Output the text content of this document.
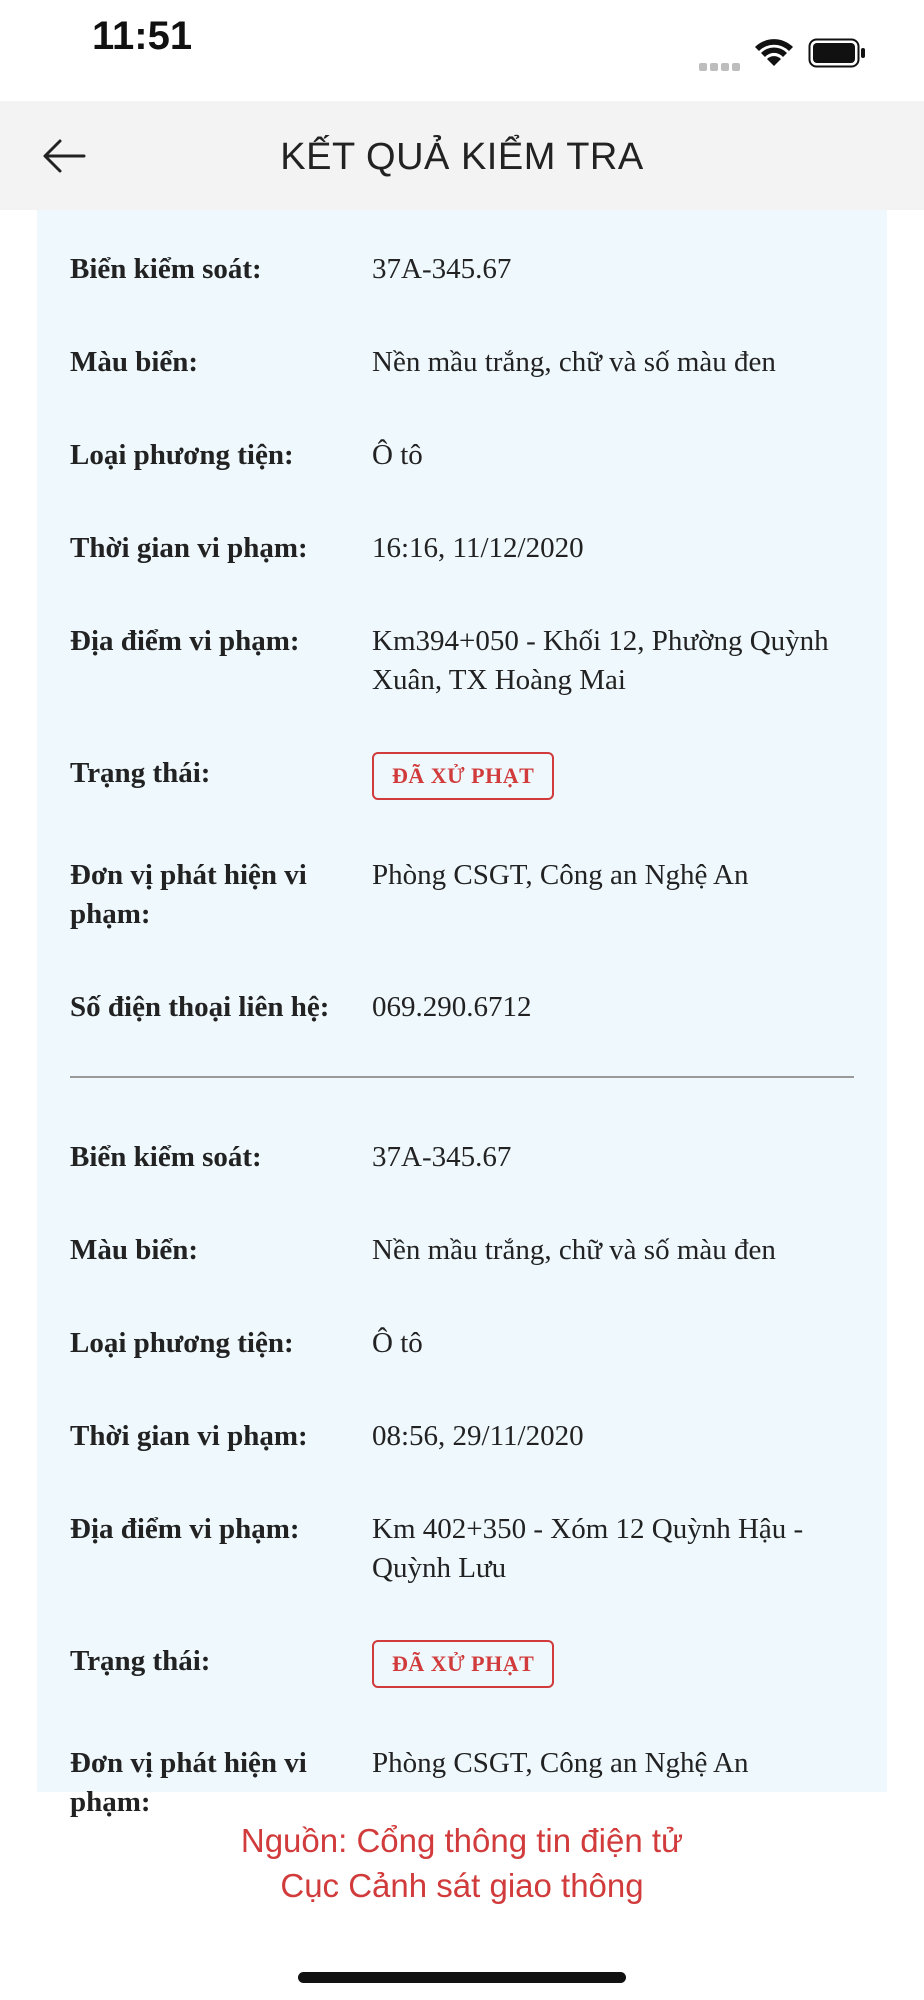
11:51
KẾT QUẢ KIỂM TRA
Biển kiểm soát:	37A-345.67
Màu biển:	Nền mầu trắng, chữ và số màu đen
Loại phương tiện:	Ô tô
Thời gian vi phạm:	16:16, 11/12/2020
Địa điểm vi phạm:	Km394+050 - Khối 12, Phường Quỳnh Xuân, TX Hoàng Mai
Trạng thái:	ĐÃ XỬ PHẠT
Đơn vị phát hiện vi phạm:
Phòng CSGT, Công an Nghệ An
Số điện thoại liên hệ:	069.290.6712
Biển kiểm soát:	37A-345.67
Màu biển:	Nền mầu trắng, chữ và số màu đen
Loại phương tiện:	Ô tô
Thời gian vi phạm:	08:56, 29/11/2020
Địa điểm vi phạm:	Km 402+350 - Xóm 12 Quỳnh Hậu - Quỳnh Lưu
Trạng thái:	ĐÃ XỬ PHẠT
Đơn vị phát hiện vi phạm:
Phòng CSGT, Công an Nghệ An
Nguồn: Cổng thông tin điện tử
Cục Cảnh sát giao thông
